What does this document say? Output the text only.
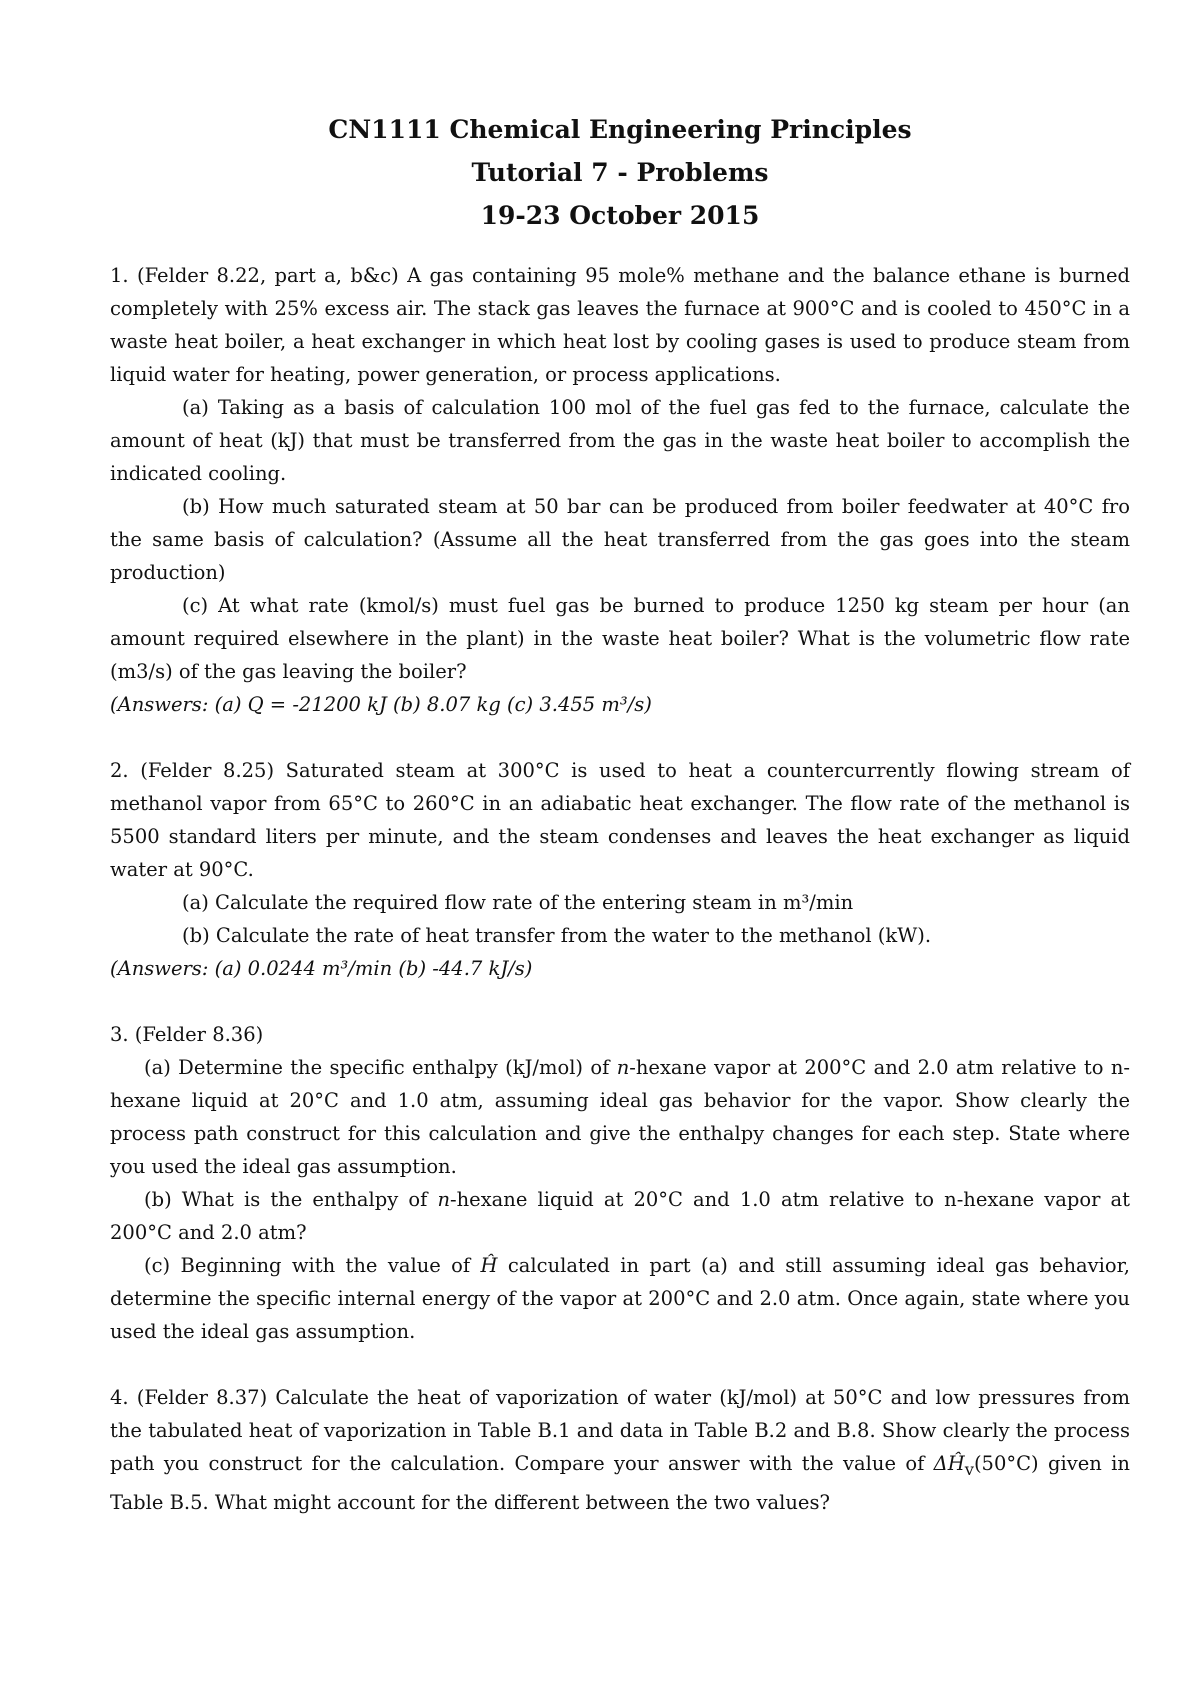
CN1111 Chemical Engineering Principles
Tutorial 7 - Problems
19-23 October 2015
1. (Felder 8.22, part a, b&c) A gas containing 95 mole% methane and the balance ethane is burned completely with 25% excess air. The stack gas leaves the furnace at 900°C and is cooled to 450°C in a waste heat boiler, a heat exchanger in which heat lost by cooling gases is used to produce steam from liquid water for heating, power generation, or process applications.
(a) Taking as a basis of calculation 100 mol of the fuel gas fed to the furnace, calculate the amount of heat (kJ) that must be transferred from the gas in the waste heat boiler to accomplish the indicated cooling.
(b) How much saturated steam at 50 bar can be produced from boiler feedwater at 40°C fro the same basis of calculation? (Assume all the heat transferred from the gas goes into the steam production)
(c) At what rate (kmol/s) must fuel gas be burned to produce 1250 kg steam per hour (an amount required elsewhere in the plant) in the waste heat boiler? What is the volumetric flow rate (m3/s) of the gas leaving the boiler?
(Answers: (a) Q = -21200 kJ (b) 8.07 kg (c) 3.455 m³/s)
2. (Felder 8.25) Saturated steam at 300°C is used to heat a countercurrently flowing stream of methanol vapor from 65°C to 260°C in an adiabatic heat exchanger. The flow rate of the methanol is 5500 standard liters per minute, and the steam condenses and leaves the heat exchanger as liquid water at 90°C.
(a) Calculate the required flow rate of the entering steam in m³/min
(b) Calculate the rate of heat transfer from the water to the methanol (kW).
(Answers: (a) 0.0244 m³/min (b) -44.7 kJ/s)
3. (Felder 8.36)
(a) Determine the specific enthalpy (kJ/mol) of n-hexane vapor at 200°C and 2.0 atm relative to n-hexane liquid at 20°C and 1.0 atm, assuming ideal gas behavior for the vapor. Show clearly the process path construct for this calculation and give the enthalpy changes for each step. State where you used the ideal gas assumption.
(b) What is the enthalpy of n-hexane liquid at 20°C and 1.0 atm relative to n-hexane vapor at 200°C and 2.0 atm?
(c) Beginning with the value of Ĥ calculated in part (a) and still assuming ideal gas behavior, determine the specific internal energy of the vapor at 200°C and 2.0 atm. Once again, state where you used the ideal gas assumption.
4. (Felder 8.37) Calculate the heat of vaporization of water (kJ/mol) at 50°C and low pressures from the tabulated heat of vaporization in Table B.1 and data in Table B.2 and B.8. Show clearly the process path you construct for the calculation. Compare your answer with the value of $\Delta Ĥ_v(50^\circ C)$ given in Table B.5. What might account for the different between the two values?
